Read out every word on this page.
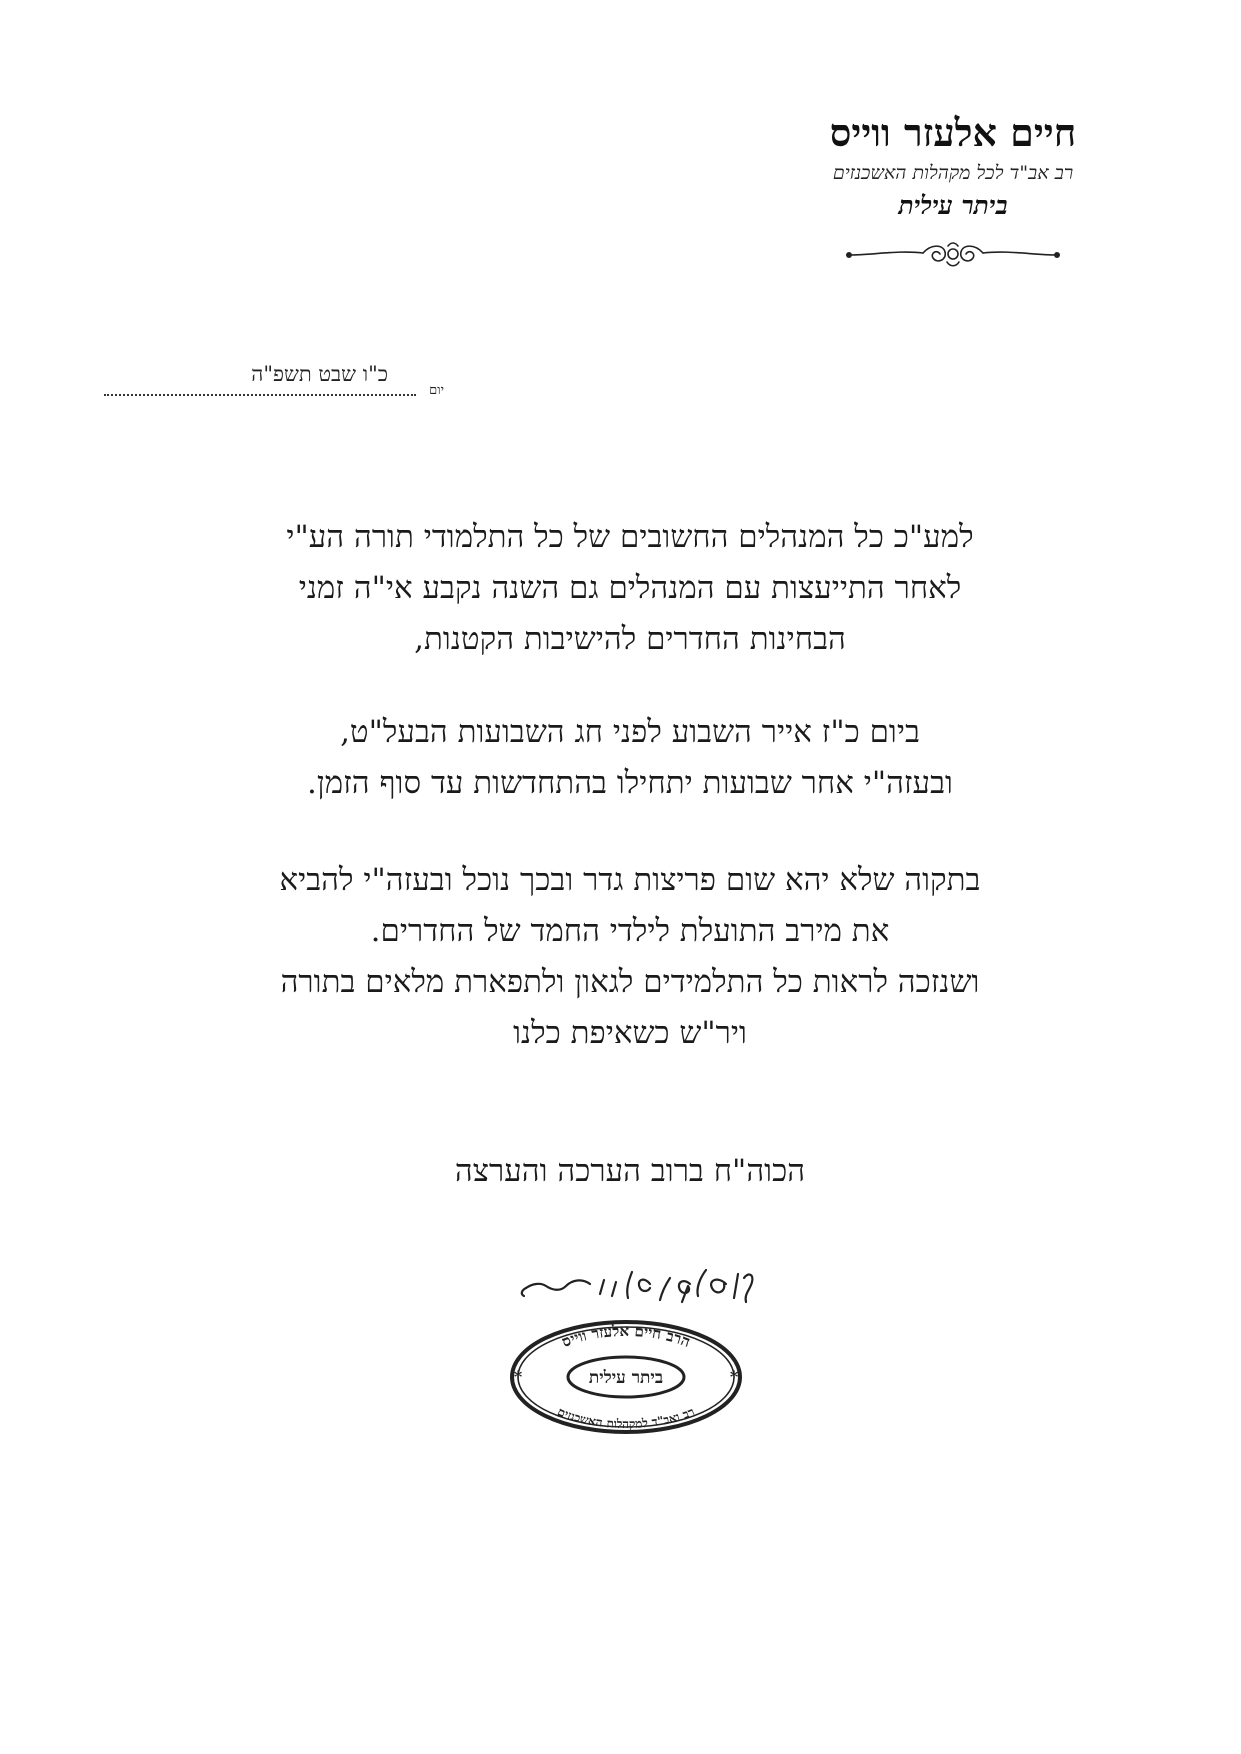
חיים אלעזר ווייס
רב אב"ד לכל מקהלות האשכנזים
ביתר עילית
יום
כ"ו שבט תשפ"ה
למע"כ כל המנהלים החשובים של כל התלמודי תורה הע"י
לאחר התייעצות עם המנהלים גם השנה נקבע אי"ה זמני
הבחינות החדרים להישיבות הקטנות,
ביום כ"ז אייר השבוע לפני חג השבועות הבעל"ט,
ובעזה"י אחר שבועות יתחילו בהתחדשות עד סוף הזמן.
בתקוה שלא יהא שום פריצות גדר ובכך נוכל ובעזה"י להביא
את מירב התועלת לילדי החמד של החדרים.
ושנזכה לראות כל התלמידים לגאון ולתפארת מלאים בתורה
ויר"ש כשאיפת כלנו
הכוה"ח ברוב הערכה והערצה
הרב חיים אלעזר ווייס
רב ואב"ד למקהלות האשכנזים
ביתר עילית
*	*
